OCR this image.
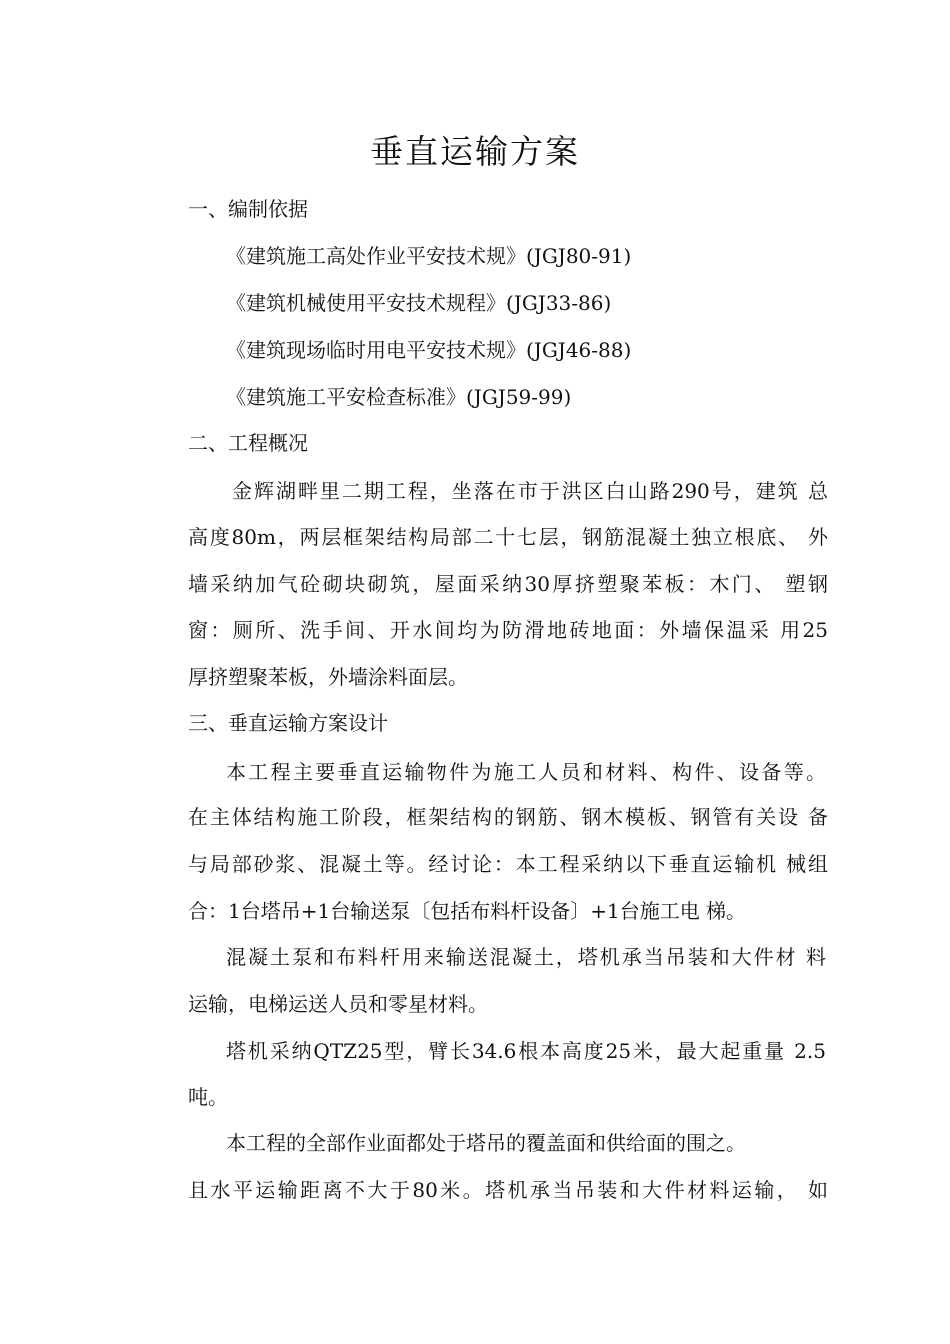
垂直运输方案
一、编制依据
《建筑施工高处作业平安技术规》(JGJ80-91)
《建筑机械使用平安技术规程》(JGJ33-86)
《建筑现场临时用电平安技术规》(JGJ46-88)
《建筑施工平安检查标准》(JGJ59-99)
二、工程概况
金辉湖畔里二期工程，坐落在市于洪区白山路290号，建筑 总
高度80m，两层框架结构局部二十七层，钢筋混凝土独立根底、 外
墙采纳加气砼砌块砌筑，屋面采纳30厚挤塑聚苯板：木门、 塑钢
窗：厕所、洗手间、开水间均为防滑地砖地面：外墙保温采 用25
厚挤塑聚苯板，外墙涂料面层。
三、垂直运输方案设计
本工程主要垂直运输物件为施工人员和材料、构件、设备等。
在主体结构施工阶段，框架结构的钢筋、钢木模板、钢管有关设 备
与局部砂浆、混凝土等。经讨论：本工程采纳以下垂直运输机 械组
合：1台塔吊+1台输送泵〔包括布料杆设备〕+1台施工电 梯。
混凝土泵和布料杆用来输送混凝土，塔机承当吊装和大件材 料
运输，电梯运送人员和零星材料。
塔机采纳QTZ25型，臂长34.6根本高度25米，最大起重量 2.5
吨。
本工程的全部作业面都处于塔吊的覆盖面和供给面的围之。
且水平运输距离不大于80米。塔机承当吊装和大件材料运输， 如
